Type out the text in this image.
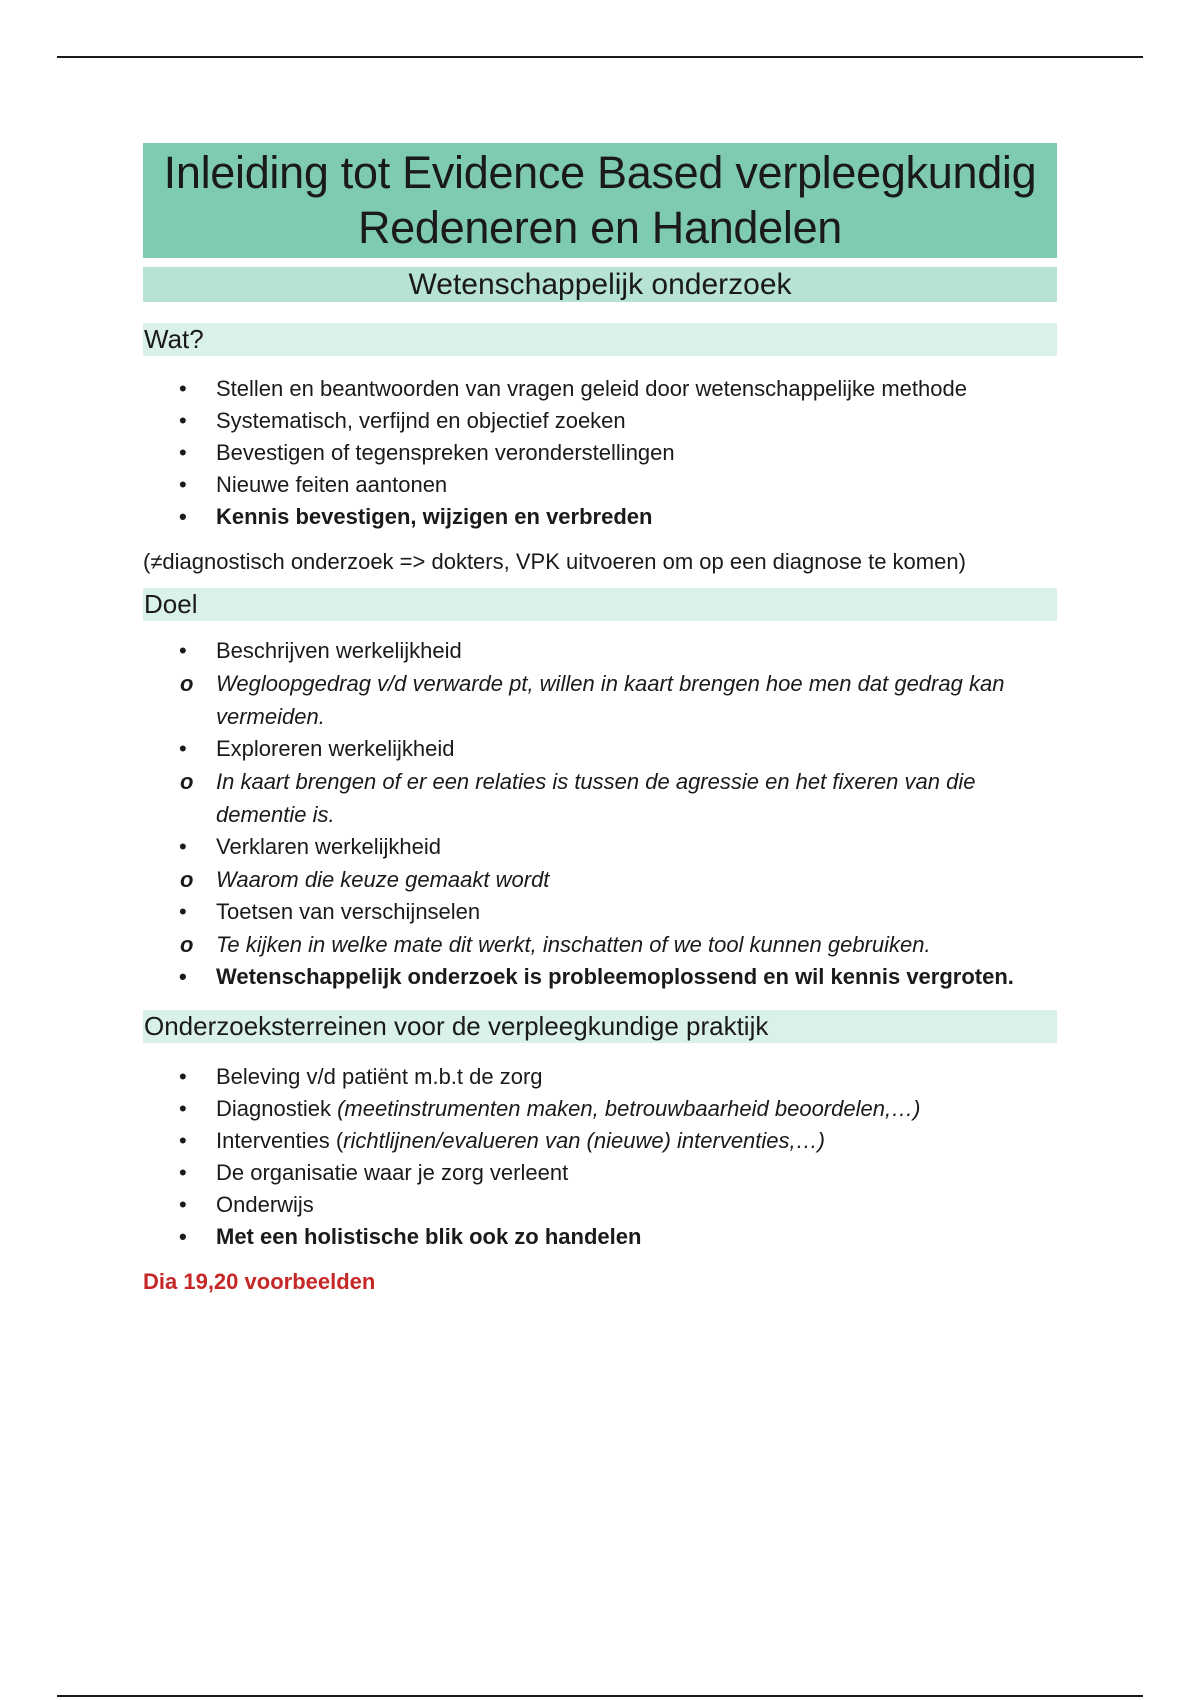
Inleiding tot Evidence Based verpleegkundig
Redeneren en Handelen
Wetenschappelijk onderzoek
Wat?
• Stellen en beantwoorden van vragen geleid door wetenschappelijke methode
• Systematisch, verfijnd en objectief zoeken
• Bevestigen of tegenspreken veronderstellingen
• Nieuwe feiten aantonen
• Kennis bevestigen, wijzigen en verbreden
(≠diagnostisch onderzoek => dokters, VPK uitvoeren om op een diagnose te komen)
Doel
• Beschrijven werkelijkheid
o Wegloopgedrag v/d verwarde pt, willen in kaart brengen hoe men dat gedrag kan vermeiden.
• Exploreren werkelijkheid
o In kaart brengen of er een relaties is tussen de agressie en het fixeren van die dementie is.
• Verklaren werkelijkheid
o Waarom die keuze gemaakt wordt
• Toetsen van verschijnselen
o Te kijken in welke mate dit werkt, inschatten of we tool kunnen gebruiken.
• Wetenschappelijk onderzoek is probleemoplossend en wil kennis vergroten.
Onderzoeksterreinen voor de verpleegkundige praktijk
• Beleving v/d patiënt m.b.t de zorg
• Diagnostiek (meetinstrumenten maken, betrouwbaarheid beoordelen,…)
• Interventies (richtlijnen/evalueren van (nieuwe) interventies,…)
• De organisatie waar je zorg verleent
• Onderwijs
• Met een holistische blik ook zo handelen
Dia 19,20 voorbeelden
